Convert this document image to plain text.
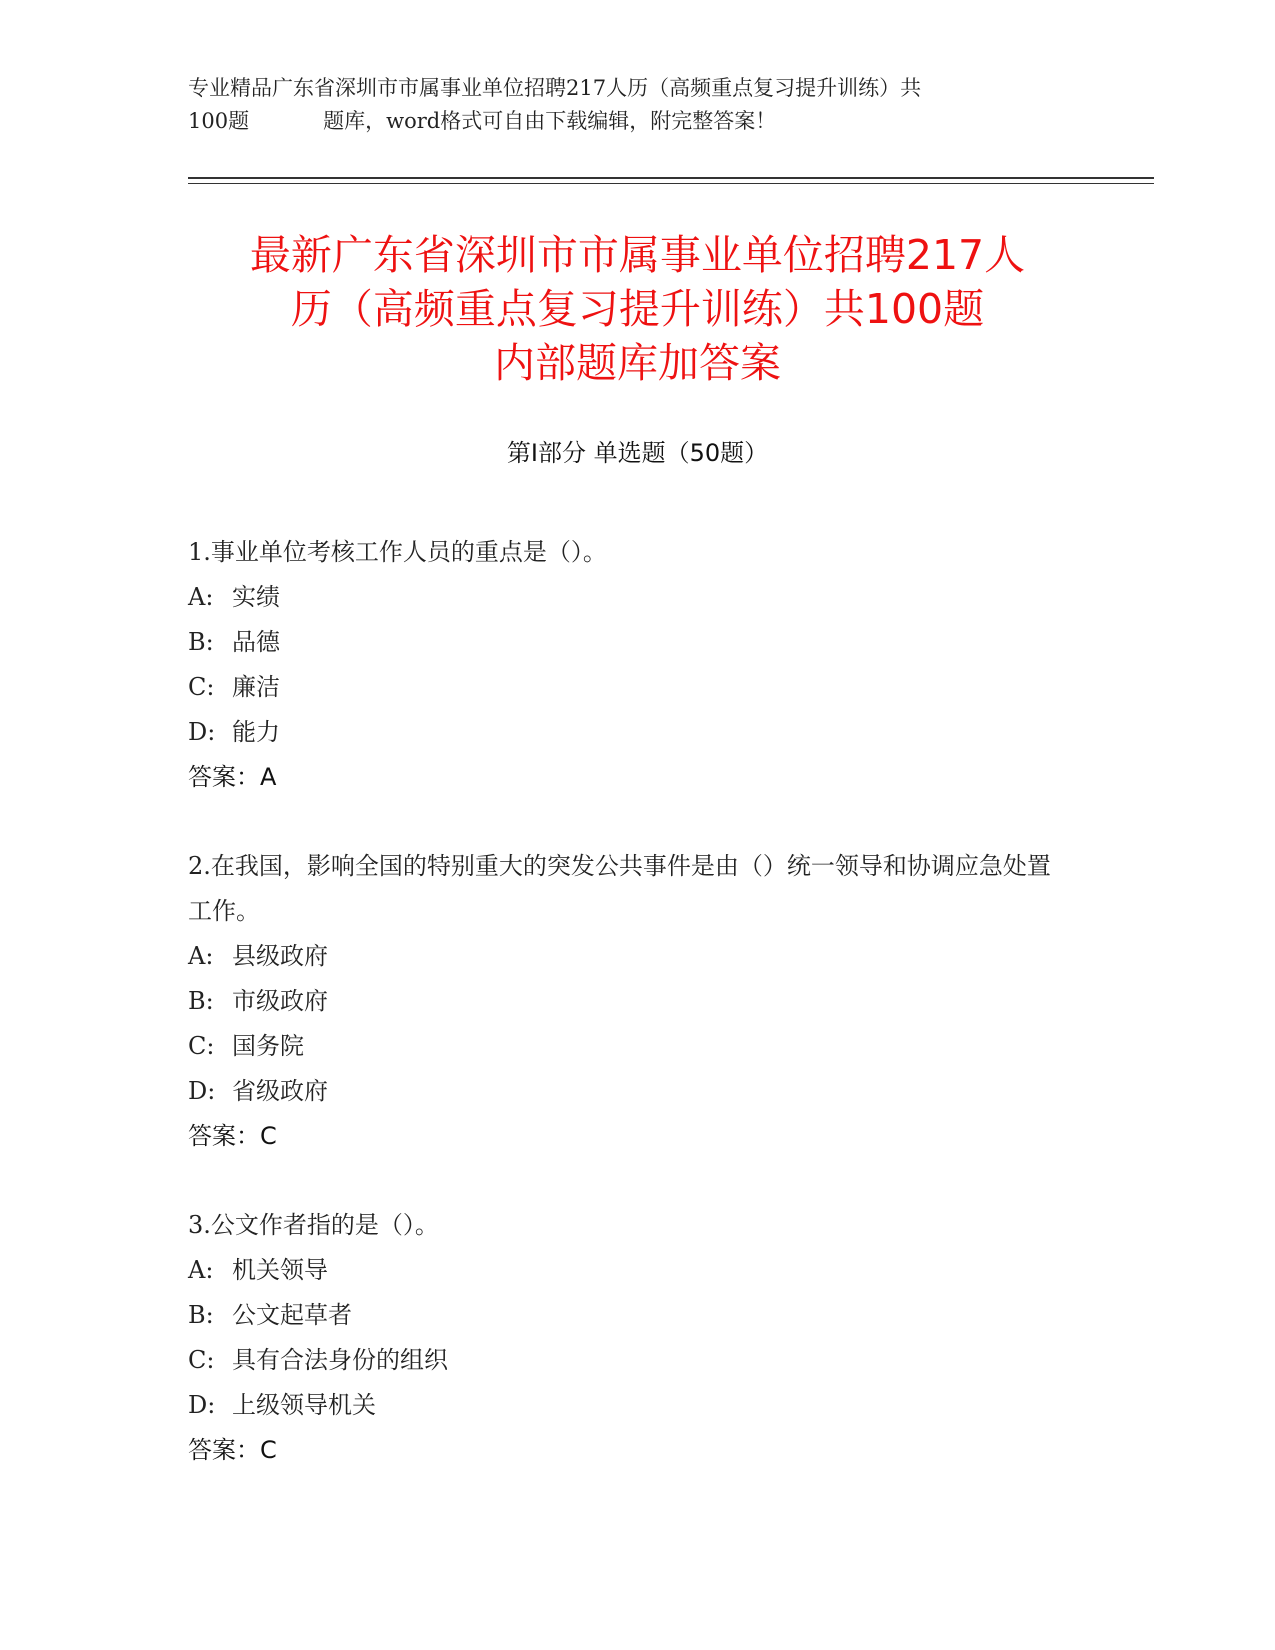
专业精品广东省深圳市市属事业单位招聘217人历（高频重点复习提升训练）共
100题	题库，word格式可自由下载编辑，附完整答案！
最新广东省深圳市市属事业单位招聘217人
历（高频重点复习提升训练）共100题
内部题库加答案
第I部分 单选题（50题）
1.事业单位考核工作人员的重点是（）。
A: 实绩
B: 品德
C: 廉洁
D: 能力
答案：A
2.在我国，影响全国的特别重大的突发公共事件是由（）统一领导和协调应急处置工作。
A: 县级政府
B: 市级政府
C: 国务院
D: 省级政府
答案：C
3.公文作者指的是（）。
A: 机关领导
B: 公文起草者
C: 具有合法身份的组织
D: 上级领导机关
答案：C
